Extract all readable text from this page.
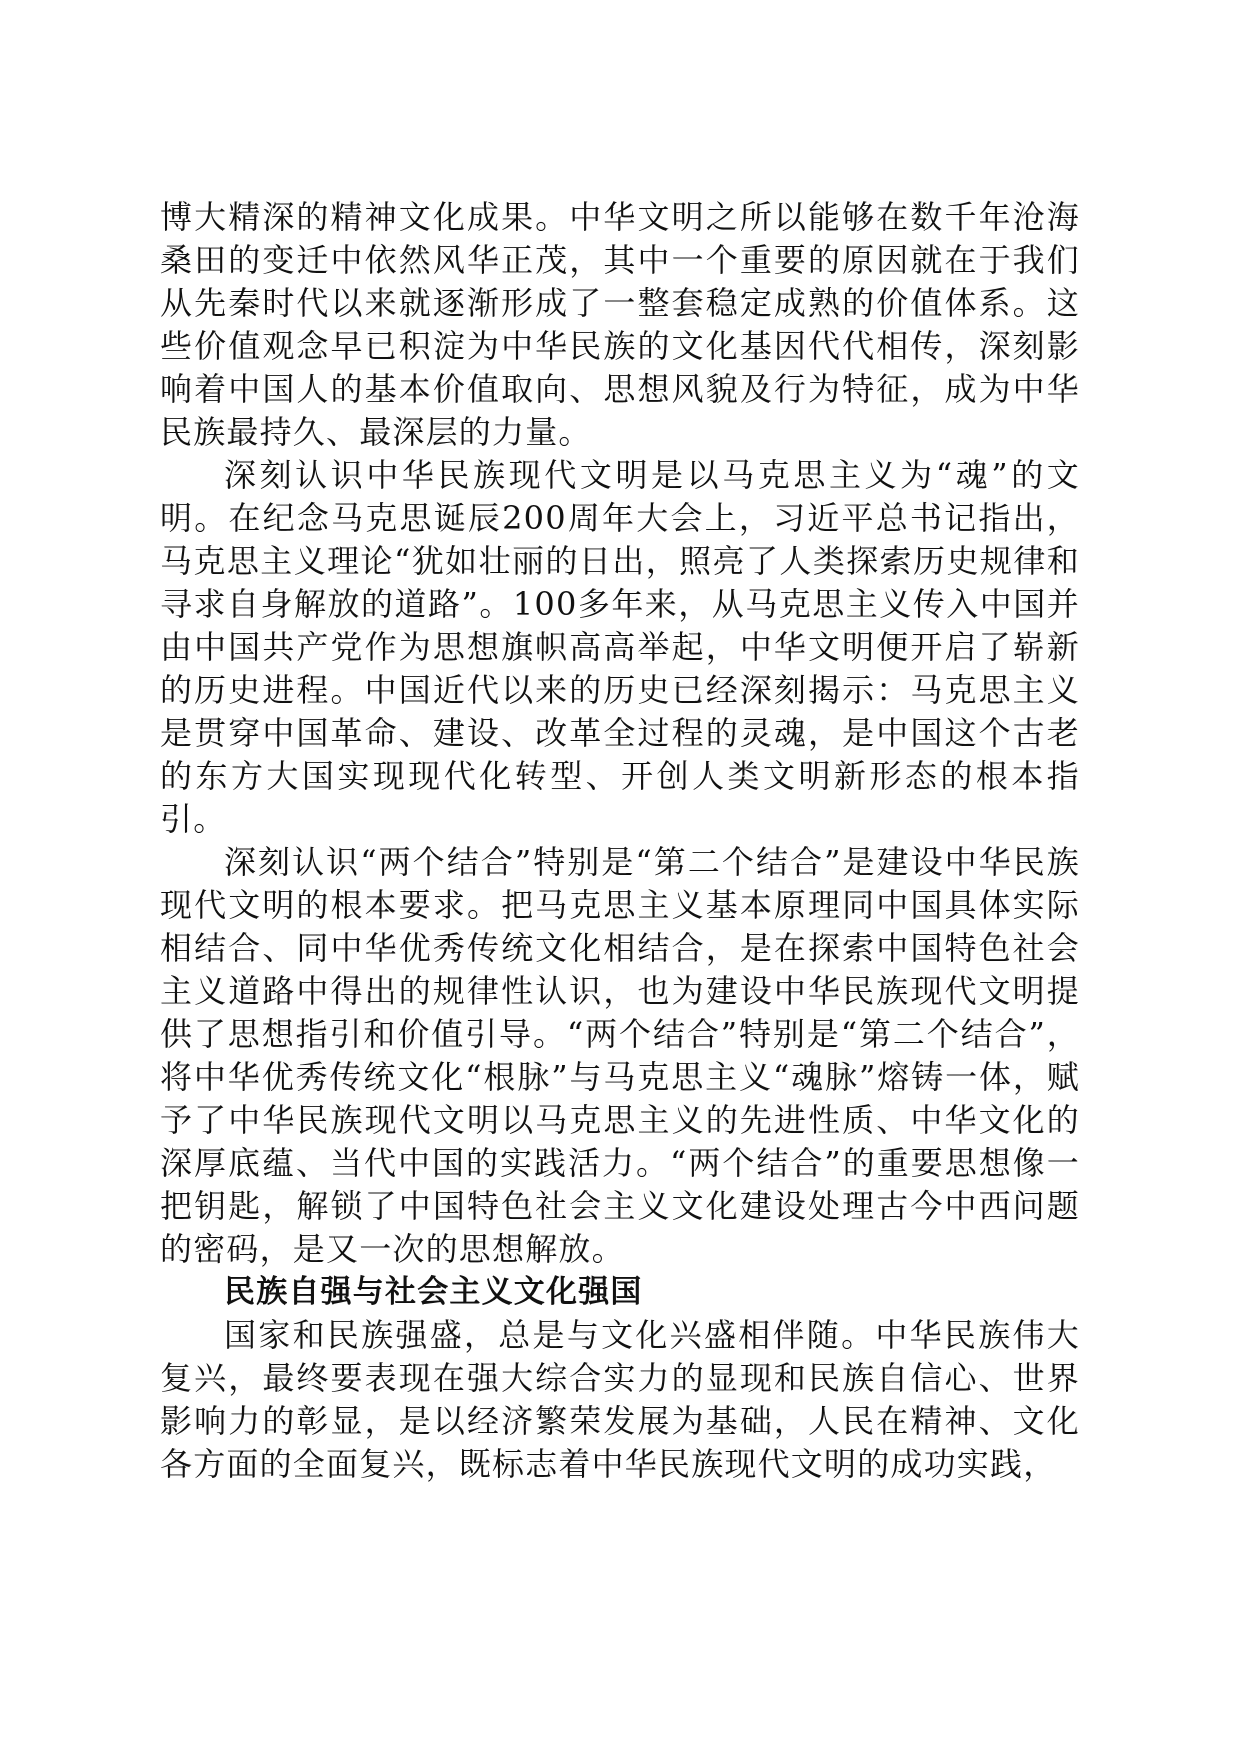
博大精深的精神文化成果。中华文明之所以能够在数千年沧海桑田的变迁中依然风华正茂，其中一个重要的原因就在于我们从先秦时代以来就逐渐形成了一整套稳定成熟的价值体系。这些价值观念早已积淀为中华民族的文化基因代代相传，深刻影响着中国人的基本价值取向、思想风貌及行为特征，成为中华民族最持久、最深层的力量。

深刻认识中华民族现代文明是以马克思主义为“魂”的文明。在纪念马克思诞辰200周年大会上，习近平总书记指出，马克思主义理论“犹如壮丽的日出，照亮了人类探索历史规律和寻求自身解放的道路”。100多年来，从马克思主义传入中国并由中国共产党作为思想旗帜高高举起，中华文明便开启了崭新的历史进程。中国近代以来的历史已经深刻揭示：马克思主义是贯穿中国革命、建设、改革全过程的灵魂，是中国这个古老的东方大国实现现代化转型、开创人类文明新形态的根本指引。

深刻认识“两个结合”特别是“第二个结合”是建设中华民族现代文明的根本要求。把马克思主义基本原理同中国具体实际相结合、同中华优秀传统文化相结合，是在探索中国特色社会主义道路中得出的规律性认识，也为建设中华民族现代文明提供了思想指引和价值引导。“两个结合”特别是“第二个结合”，将中华优秀传统文化“根脉”与马克思主义“魂脉”熔铸一体，赋予了中华民族现代文明以马克思主义的先进性质、中华文化的深厚底蕴、当代中国的实践活力。“两个结合”的重要思想像一把钥匙，解锁了中国特色社会主义文化建设处理古今中西问题的密码，是又一次的思想解放。

民族自强与社会主义文化强国

国家和民族强盛，总是与文化兴盛相伴随。中华民族伟大复兴，最终要表现在强大综合实力的显现和民族自信心、世界影响力的彰显，是以经济繁荣发展为基础，人民在精神、文化各方面的全面复兴，既标志着中华民族现代文明的成功实践，
